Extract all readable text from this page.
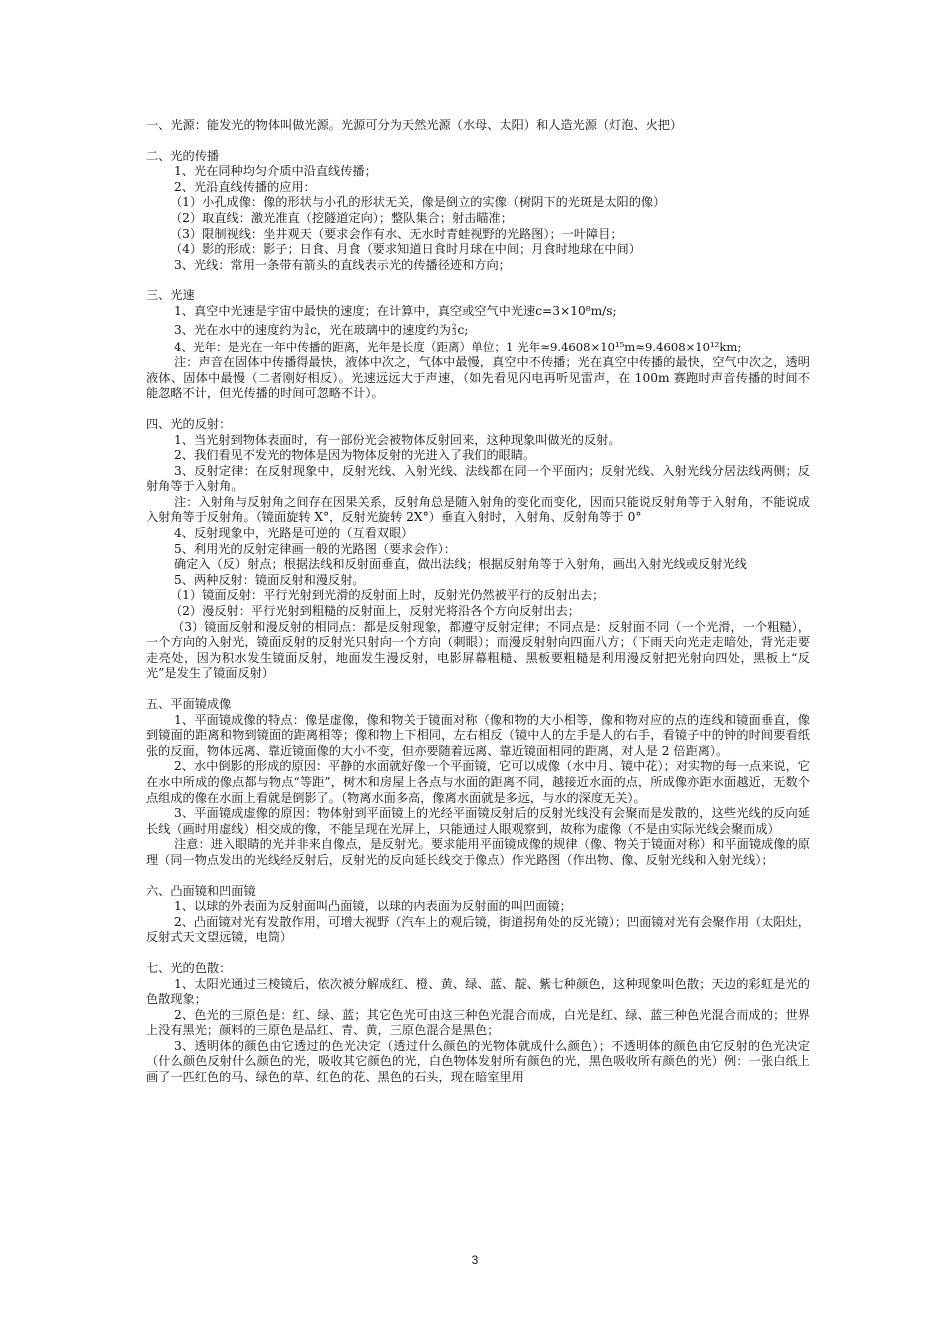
一、光源：能发光的物体叫做光源。光源可分为天然光源（水母、太阳）和人造光源（灯泡、火把）

二、光的传播

1、光在同种均匀介质中沿直线传播；

2、光沿直线传播的应用：

（1）小孔成像：像的形状与小孔的形状无关，像是倒立的实像（树阴下的光斑是太阳的像）

（2）取直线：激光准直（挖隧道定向）；整队集合；射击瞄准；

（3）限制视线：坐井观天（要求会作有水、无水时青蛙视野的光路图）；一叶障目；

（4）影的形成：影子；日食、月食（要求知道日食时月球在中间；月食时地球在中间）

3、光线：常用一条带有箭头的直线表示光的传播径迹和方向；

三、光速

1、真空中光速是宇宙中最快的速度；在计算中，真空或空气中光速c=3×10⁸m/s;

3、光在水中的速度约为 3
4 c，光在玻璃中的速度约为 2
3 c;

4、光年：是光在一年中传播的距离，光年是长度（距离）单位；1 光年≈9.4608×10¹⁵m≈9.4608×10¹²km;

注：声音在固体中传播得最快，液体中次之，气体中最慢，真空中不传播；光在真空中传播的最快，空气中次之，透明液体、固体中最慢（二者刚好相反）。光速远远大于声速，（如先看见闪电再听见雷声，在 100m 赛跑时声音传播的时间不能忽略不计，但光传播的时间可忽略不计）。

四、光的反射：

1、当光射到物体表面时，有一部份光会被物体反射回来，这种现象叫做光的反射。

2、我们看见不发光的物体是因为物体反射的光进入了我们的眼睛。

3、反射定律：在反射现象中，反射光线、入射光线、法线都在同一个平面内；反射光线、入射光线分居法线两侧；反射角等于入射角。

注：入射角与反射角之间存在因果关系，反射角总是随入射角的变化而变化，因而只能说反射角等于入射角，不能说成入射角等于反射角。（镜面旋转 X°，反射光旋转 2X°）垂直入射时，入射角、反射角等于 0°

4、反射现象中，光路是可逆的（互看双眼）

5、利用光的反射定律画一般的光路图（要求会作）：

确定入（反）射点；根据法线和反射面垂直，做出法线；根据反射角等于入射角，画出入射光线或反射光线

5、两种反射：镜面反射和漫反射。

（1）镜面反射：平行光射到光滑的反射面上时，反射光仍然被平行的反射出去；

（2）漫反射：平行光射到粗糙的反射面上，反射光将沿各个方向反射出去；

（3）镜面反射和漫反射的相同点：都是反射现象，都遵守反射定律；不同点是：反射面不同（一个光滑，一个粗糙），一个方向的入射光，镜面反射的反射光只射向一个方向（刺眼）；而漫反射射向四面八方；（下雨天向光走走暗处，背光走要走亮处，因为积水发生镜面反射，地面发生漫反射，电影屏幕粗糙、黑板要粗糙是利用漫反射把光射向四处，黑板上“反光”是发生了镜面反射）

五、平面镜成像

1、平面镜成像的特点：像是虚像，像和物关于镜面对称（像和物的大小相等，像和物对应的点的连线和镜面垂直，像到镜面的距离和物到镜面的距离相等；像和物上下相同，左右相反（镜中人的左手是人的右手，看镜子中的钟的时间要看纸张的反面，物体远离、靠近镜面像的大小不变，但亦要随着远离、靠近镜面相同的距离，对人是 2 倍距离）。

2、水中倒影的形成的原因：平静的水面就好像一个平面镜，它可以成像（水中月、镜中花）；对实物的每一点来说，它在水中所成的像点都与物点“等距”，树木和房屋上各点与水面的距离不同，越接近水面的点，所成像亦距水面越近，无数个点组成的像在水面上看就是倒影了。（物离水面多高，像离水面就是多远，与水的深度无关）。

3、平面镜成虚像的原因：物体射到平面镜上的光经平面镜反射后的反射光线没有会聚而是发散的，这些光线的反向延长线（画时用虚线）相交成的像，不能呈现在光屏上，只能通过人眼观察到，故称为虚像（不是由实际光线会聚而成）

注意：进入眼睛的光并非来自像点，是反射光。要求能用平面镜成像的规律（像、物关于镜面对称）和平面镜成像的原理（同一物点发出的光线经反射后，反射光的反向延长线交于像点）作光路图（作出物、像、反射光线和入射光线）；

六、凸面镜和凹面镜

1、以球的外表面为反射面叫凸面镜，以球的内表面为反射面的叫凹面镜；

2、凸面镜对光有发散作用，可增大视野（汽车上的观后镜，街道拐角处的反光镜）；凹面镜对光有会聚作用（太阳灶，反射式天文望远镜，电筒）

七、光的色散：

1、太阳光通过三棱镜后，依次被分解成红、橙、黄、绿、蓝、靛、紫七种颜色，这种现象叫色散；天边的彩虹是光的色散现象；

2、色光的三原色是：红、绿、蓝；其它色光可由这三种色光混合而成，白光是红、绿、蓝三种色光混合而成的；世界上没有黑光；颜料的三原色是品红、青、黄，三原色混合是黑色；

3、透明体的颜色由它透过的色光决定（透过什么颜色的光物体就成什么颜色）；不透明体的颜色由它反射的色光决定（什么颜色反射什么颜色的光，吸收其它颜色的光，白色物体发射所有颜色的光，黑色吸收所有颜色的光）例：一张白纸上画了一匹红色的马、绿色的草、红色的花、黑色的石头，现在暗室里用

3
